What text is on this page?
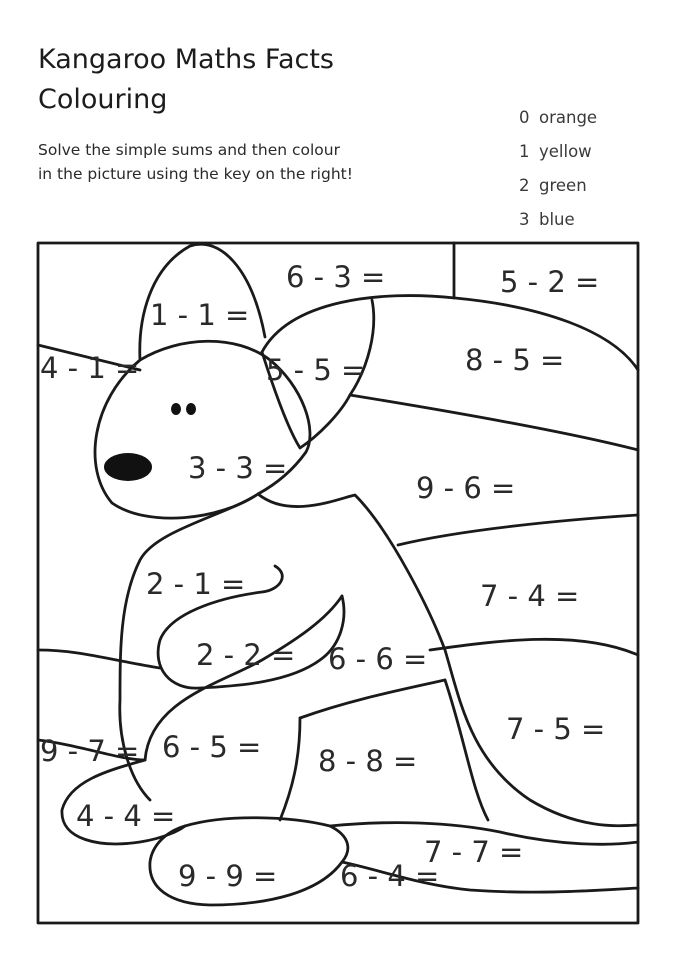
Kangaroo Maths Facts
Colouring

Solve the simple sums and then colour
in the picture using the key on the right!

0 orange
1 yellow
2 green
3 blue
6 - 3 =	5 - 2 =
1 - 1 =
4 - 1 =	5 - 5 =	8 - 5 =
3 - 3 =
9 - 6 =
2 - 1 =	7 - 4 =
2 - 2 = 6 - 6 =
9 - 7 = 6 - 5 = 8 - 8 =
7 - 5 =
4 - 4 =
7 - 7 =
9 - 9 = 6 - 4 =
